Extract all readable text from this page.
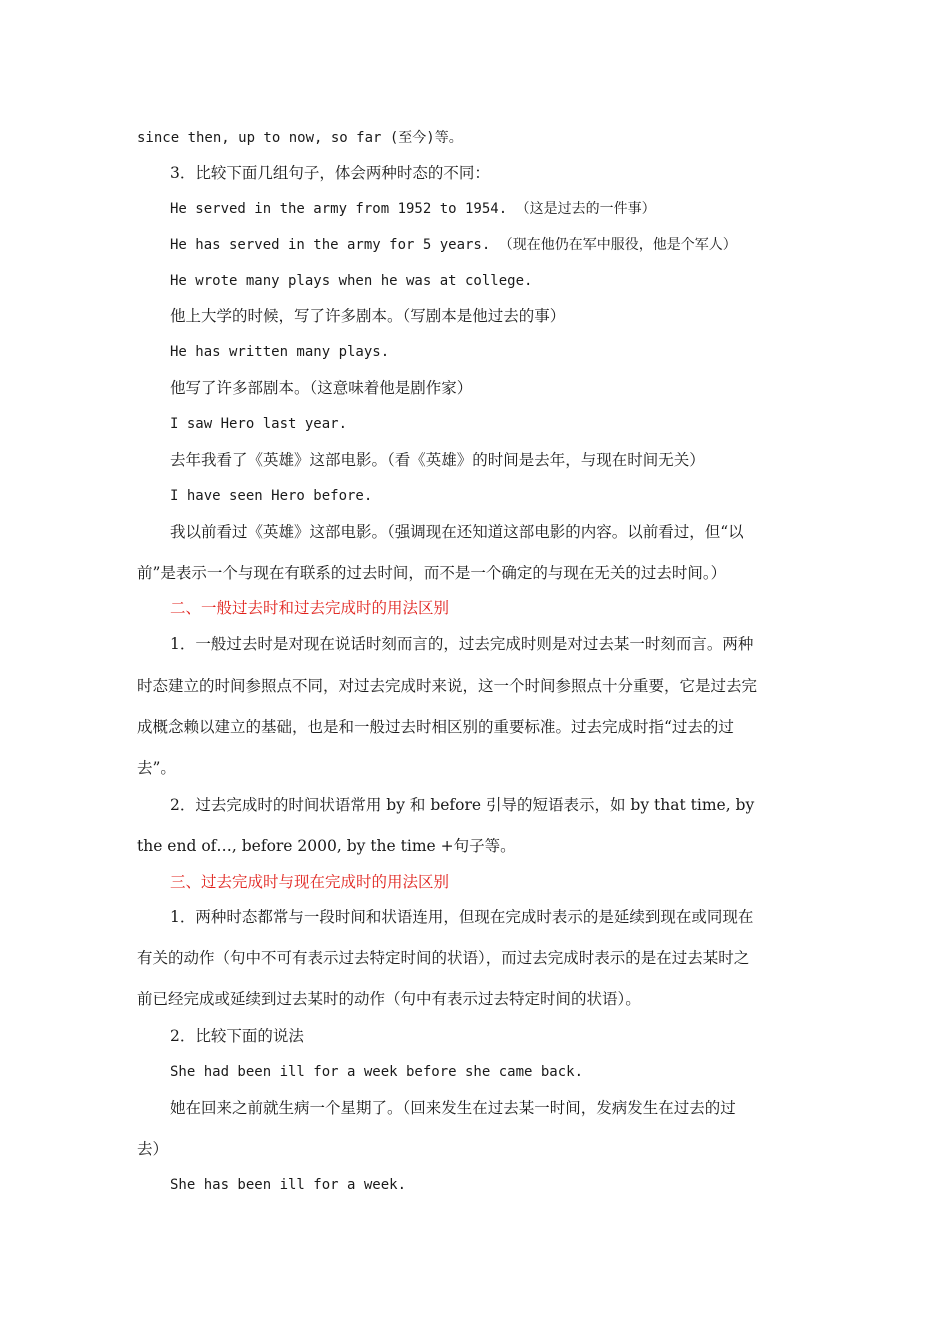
since then, up to now, so far (至今)等。
3．比较下面几组句子，体会两种时态的不同：
He served in the army from 1952 to 1954. （这是过去的一件事）
He has served in the army for 5 years. （现在他仍在军中服役，他是个军人）
He wrote many plays when he was at college.
他上大学的时候，写了许多剧本。（写剧本是他过去的事）
He has written many plays.
他写了许多部剧本。（这意味着他是剧作家）
I saw Hero last year.
去年我看了《英雄》这部电影。（看《英雄》的时间是去年，与现在时间无关）
I have seen Hero before.
我以前看过《英雄》这部电影。（强调现在还知道这部电影的内容。以前看过，但“以
前”是表示一个与现在有联系的过去时间，而不是一个确定的与现在无关的过去时间。）
二、一般过去时和过去完成时的用法区别
1．一般过去时是对现在说话时刻而言的，过去完成时则是对过去某一时刻而言。两种
时态建立的时间参照点不同，对过去完成时来说，这一个时间参照点十分重要，它是过去完
成概念赖以建立的基础，也是和一般过去时相区别的重要标准。过去完成时指“过去的过
去”。
2．过去完成时的时间状语常用 by 和 before 引导的短语表示，如 by that time, by
the end of…, before 2000, by the time +句子等。
三、过去完成时与现在完成时的用法区别
1．两种时态都常与一段时间和状语连用，但现在完成时表示的是延续到现在或同现在
有关的动作（句中不可有表示过去特定时间的状语），而过去完成时表示的是在过去某时之
前已经完成或延续到过去某时的动作（句中有表示过去特定时间的状语）。
2．比较下面的说法
She had been ill for a week before she came back.
她在回来之前就生病一个星期了。（回来发生在过去某一时间，发病发生在过去的过
去）
She has been ill for a week.
